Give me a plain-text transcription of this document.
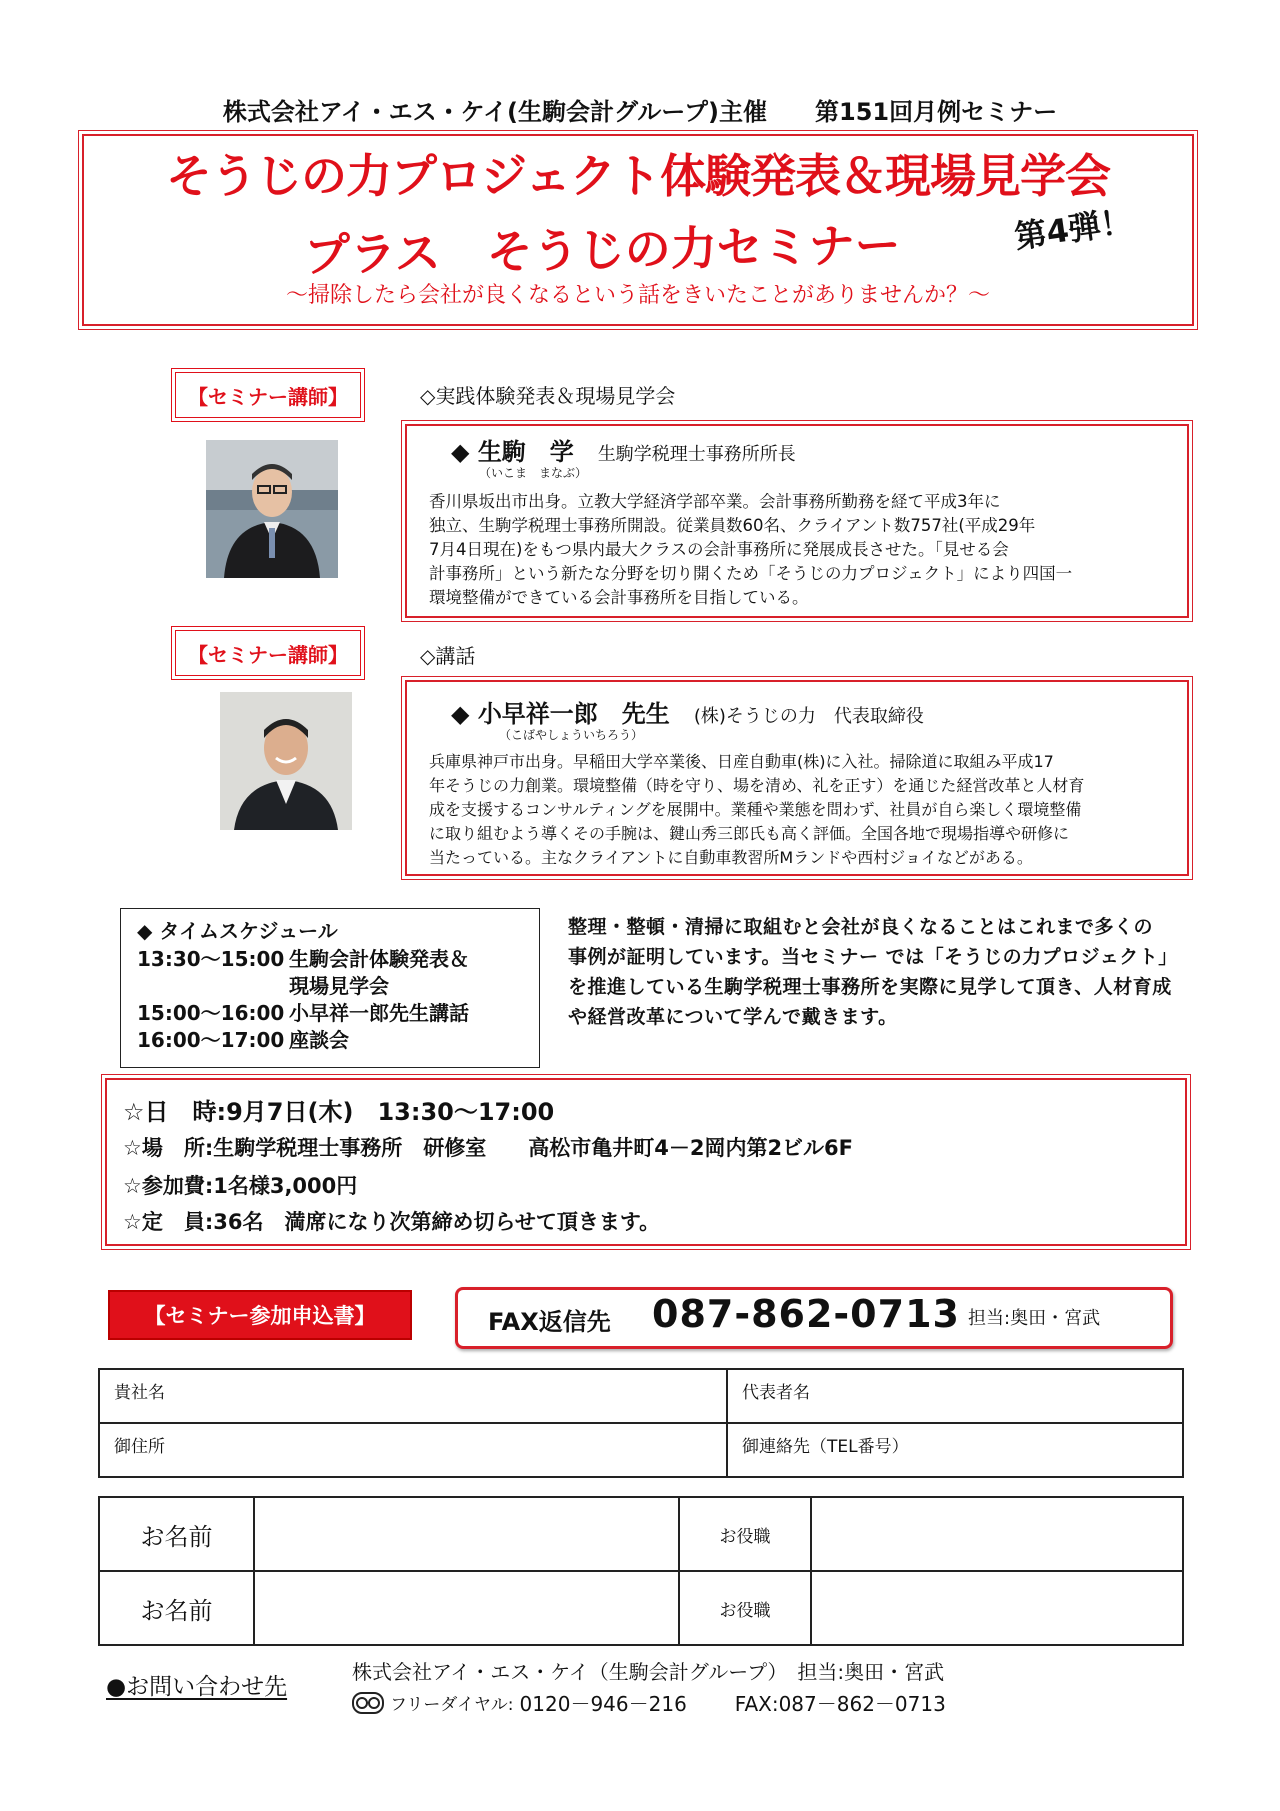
株式会社アイ・エス・ケイ(生駒会計グループ)主催　　 第151回月例セミナー
そうじの力プロジェクト体験発表＆現場見学会
プラス　そうじの力セミナー	第4弾！
～掃除したら会社が良くなるという話をきいたことがありませんか？～
【セミナー講師】	◇実践体験発表＆現場見学会
◆ 生駒　学　 生駒学税理士事務所所長
（いこま　まなぶ）
香川県坂出市出身。立教大学経済学部卒業。会計事務所勤務を経て平成3年に
独立、生駒学税理士事務所開設。従業員数60名、クライアント数757社(平成29年
7月4日現在)をもつ県内最大クラスの会計事務所に発展成長させた。「見せる会
計事務所」という新たな分野を切り開くため「そうじの力プロジェクト」により四国一
環境整備ができている会計事務所を目指している。
【セミナー講師】	◇講話
◆ 小早祥一郎　先生　 (株)そうじの力　代表取締役
（こばやしょういちろう）
兵庫県神戸市出身。早稲田大学卒業後、日産自動車(株)に入社。掃除道に取組み平成17
年そうじの力創業。環境整備（時を守り、場を清め、礼を正す）を通じた経営改革と人材育
成を支援するコンサルティングを展開中。業種や業態を問わず、社員が自ら楽しく環境整備
に取り組むよう導くその手腕は、鍵山秀三郎氏も高く評価。全国各地で現場指導や研修に
当たっている。主なクライアントに自動車教習所Mランドや西村ジョイなどがある。
◆ タイムスケジュール
13:30～15:00 生駒会計体験発表＆
現場見学会
15:00～16:00 小早祥一郎先生講話
16:00～17:00 座談会
整理・整頓・清掃に取組むと会社が良くなることはこれまで多くの事例が証明しています。当セミナー では「そうじの力プロジェクト」を推進している生駒学税理士事務所を実際に見学して頂き、人材育成や経営改革について学んで戴きます。
☆日　時:9月7日(木)　13:30～17:00
☆場　所:生駒学税理士事務所　研修室　　高松市亀井町4－2岡内第2ビル6F
☆参加費:1名様3,000円
☆定　員:36名　満席になり次第締め切らせて頂きます。
【セミナー参加申込書】	FAX返信先 087-862-0713 担当:奥田・宮武
貴社名	代表者名
御住所	御連絡先（TEL番号）
お名前		お役職	
お名前		お役職	
●お問い合わせ先
株式会社アイ・エス・ケイ（生駒会計グループ）　担当:奥田・宮武
フリーダイヤル: 0120－946－216 FAX:087－862－0713
